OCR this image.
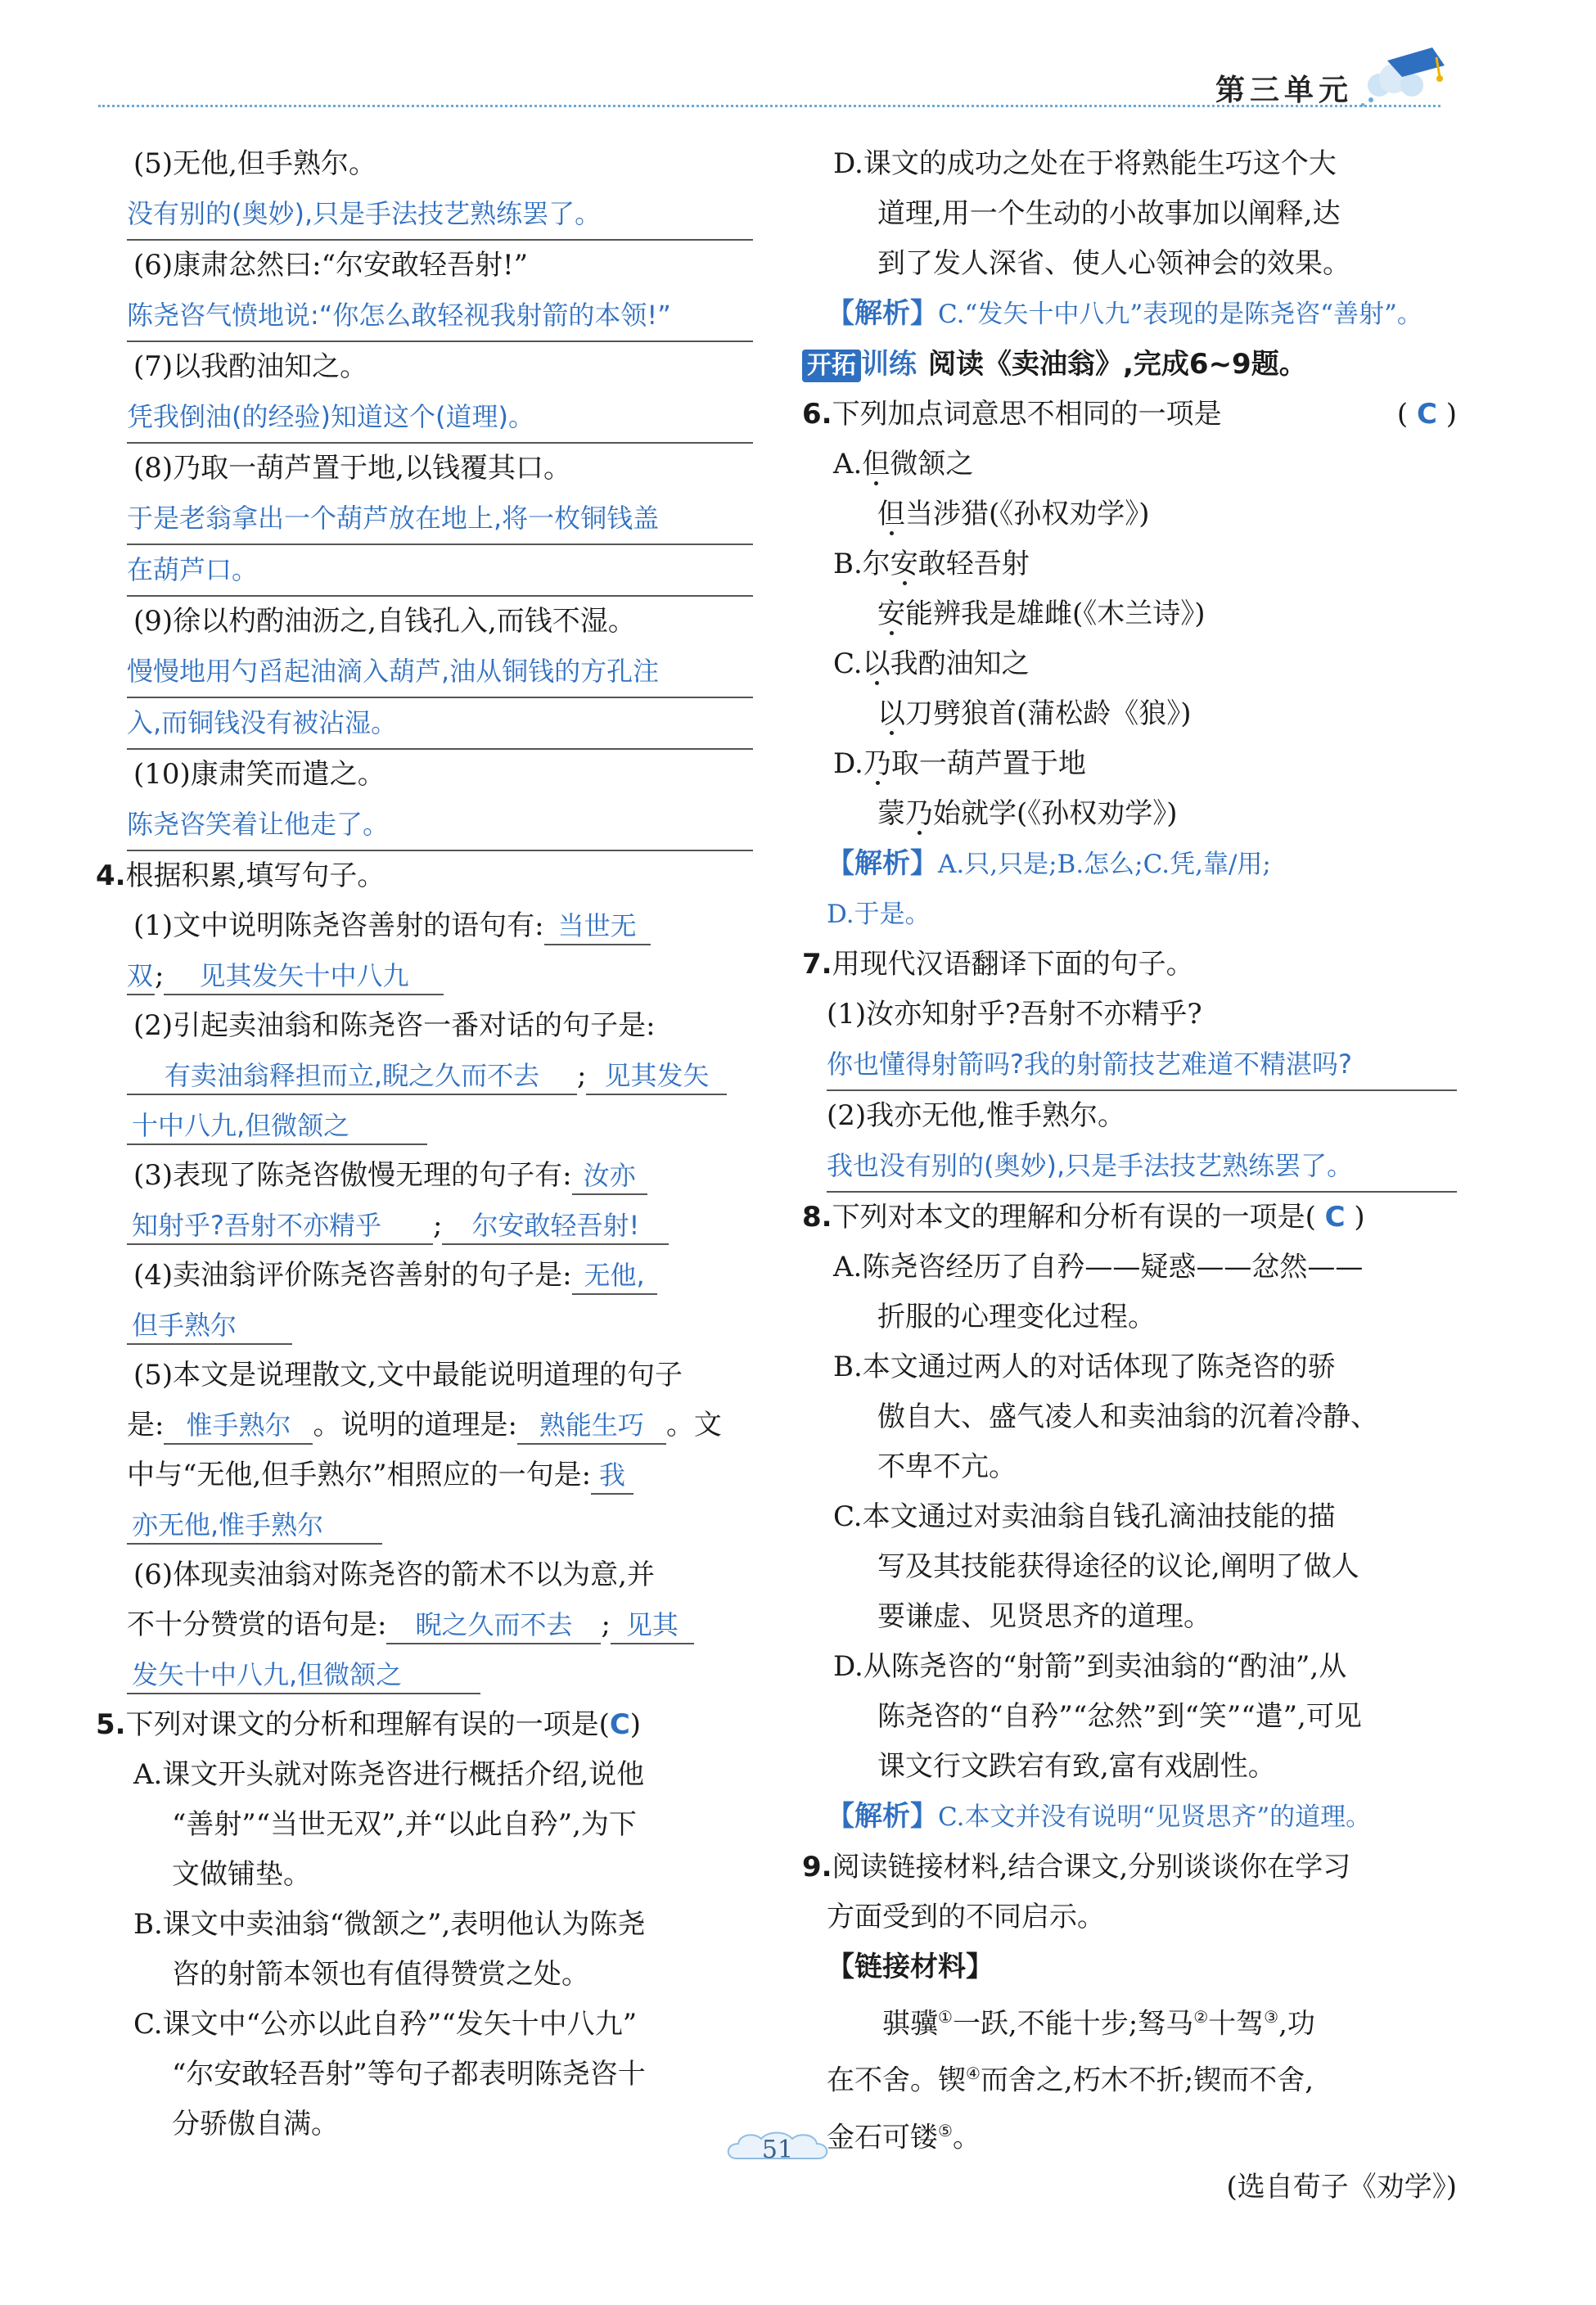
第三单元
(5)无他,但手熟尔。
没有别的(奥妙),只是手法技艺熟练罢了。
(6)康肃忿然曰:“尔安敢轻吾射!”
陈尧咨气愤地说:“你怎么敢轻视我射箭的本领!”
(7)以我酌油知之。
凭我倒油(的经验)知道这个(道理)。
(8)乃取一葫芦置于地,以钱覆其口。
于是老翁拿出一个葫芦放在地上,将一枚铜钱盖
在葫芦口。
(9)徐以杓酌油沥之,自钱孔入,而钱不湿。
慢慢地用勺舀起油滴入葫芦,油从铜钱的方孔注
入,而铜钱没有被沾湿。
(10)康肃笑而遣之。
陈尧咨笑着让他走了。
4.根据积累,填写句子。
(1)文中说明陈尧咨善射的语句有: 当世无
双; 见其发矢十中八九
(2)引起卖油翁和陈尧咨一番对话的句子是:
有卖油翁释担而立,睨之久而不去 ; 见其发矢
十中八九,但微颔之
(3)表现了陈尧咨傲慢无理的句子有: 汝亦
知射乎?吾射不亦精乎 ; 尔安敢轻吾射!
(4)卖油翁评价陈尧咨善射的句子是: 无他,
但手熟尔
(5)本文是说理散文,文中最能说明道理的句子
是: 惟手熟尔 。说明的道理是: 熟能生巧 。文
中与“无他,但手熟尔”相照应的一句是: 我
亦无他,惟手熟尔
(6)体现卖油翁对陈尧咨的箭术不以为意,并
不十分赞赏的语句是: 睨之久而不去 ; 见其
发矢十中八九,但微颔之
5.下列对课文的分析和理解有误的一项是(C)
A.课文开头就对陈尧咨进行概括介绍,说他
“善射”“当世无双”,并“以此自矜”,为下
文做铺垫。
B.课文中卖油翁“微颔之”,表明他认为陈尧
咨的射箭本领也有值得赞赏之处。
C.课文中“公亦以此自矜”“发矢十中八九”
“尔安敢轻吾射”等句子都表明陈尧咨十
分骄傲自满。
D.课文的成功之处在于将熟能生巧这个大
道理,用一个生动的小故事加以阐释,达
到了发人深省、使人心领神会的效果。
【解析】C.“发矢十中八九”表现的是陈尧咨“善射”。
开拓 训练 阅读《卖油翁》,完成6~9题。
6.下列加点词意思不相同的一项是	( C )
A.但微颔之
但当涉猎(《孙权劝学》)
B.尔安敢轻吾射
安能辨我是雄雌(《木兰诗》)
C.以我酌油知之
以刀劈狼首(蒲松龄《狼》)
D.乃取一葫芦置于地
蒙乃始就学(《孙权劝学》)
【解析】A.只,只是;B.怎么;C.凭,靠/用;
D.于是。
7.用现代汉语翻译下面的句子。
(1)汝亦知射乎?吾射不亦精乎?
你也懂得射箭吗?我的射箭技艺难道不精湛吗?
(2)我亦无他,惟手熟尔。
我也没有别的(奥妙),只是手法技艺熟练罢了。
8.下列对本文的理解和分析有误的一项是( C )
A.陈尧咨经历了自矜——疑惑——忿然——
折服的心理变化过程。
B.本文通过两人的对话体现了陈尧咨的骄
傲自大、盛气凌人和卖油翁的沉着冷静、
不卑不亢。
C.本文通过对卖油翁自钱孔滴油技能的描
写及其技能获得途径的议论,阐明了做人
要谦虚、见贤思齐的道理。
D.从陈尧咨的“射箭”到卖油翁的“酌油”,从
陈尧咨的“自矜”“忿然”到“笑”“遣”,可见
课文行文跌宕有致,富有戏剧性。
【解析】C.本文并没有说明“见贤思齐”的道理。
9.阅读链接材料,结合课文,分别谈谈你在学习
方面受到的不同启示。
【链接材料】
骐骥①一跃,不能十步;驽马②十驾③,功
在不舍。锲④而舍之,朽木不折;锲而不舍,
金石可镂⑤。
(选自荀子《劝学》)
51
